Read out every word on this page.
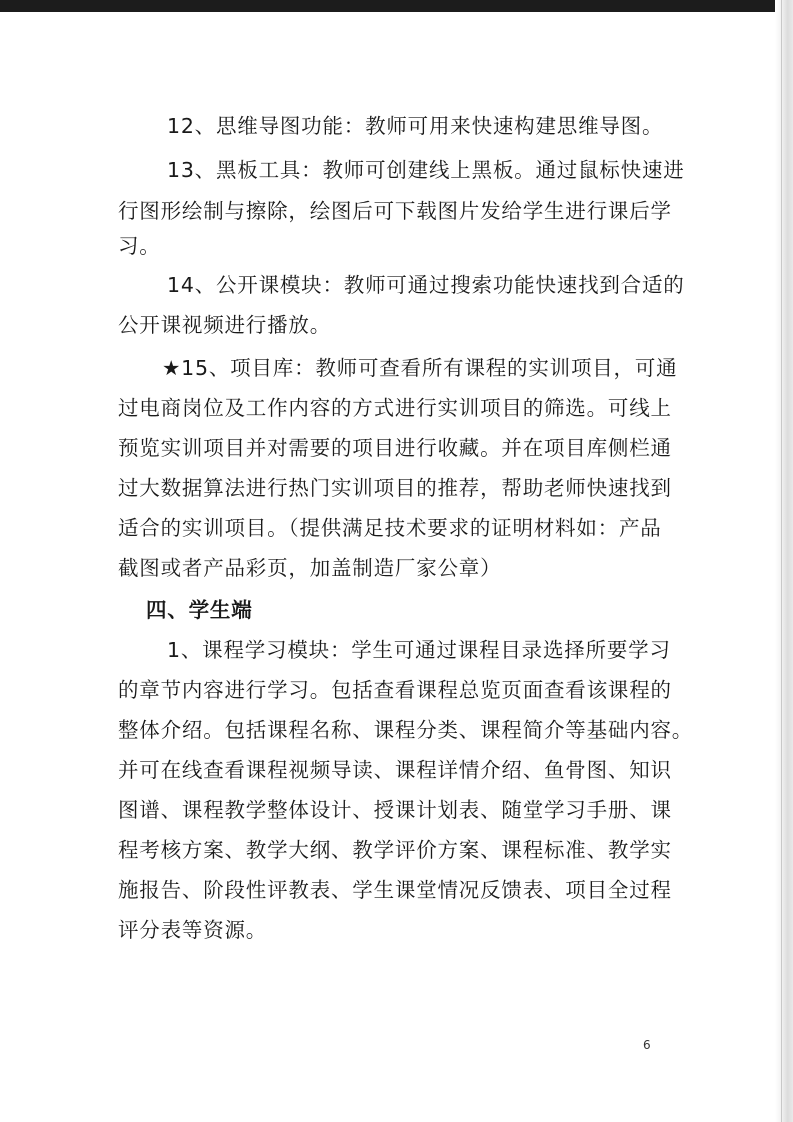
12、思维导图功能：教师可用来快速构建思维导图。
13、黑板工具：教师可创建线上黑板。通过鼠标快速进
行图形绘制与擦除，绘图后可下载图片发给学生进行课后学
习。
14、公开课模块：教师可通过搜索功能快速找到合适的
公开课视频进行播放。
★15、项目库：教师可查看所有课程的实训项目，可通
过电商岗位及工作内容的方式进行实训项目的筛选。可线上
预览实训项目并对需要的项目进行收藏。并在项目库侧栏通
过大数据算法进行热门实训项目的推荐，帮助老师快速找到
适合的实训项目。（提供满足技术要求的证明材料如：产品
截图或者产品彩页，加盖制造厂家公章）
四、学生端
1、课程学习模块：学生可通过课程目录选择所要学习
的章节内容进行学习。包括查看课程总览页面查看该课程的
整体介绍。包括课程名称、课程分类、课程简介等基础内容。
并可在线查看课程视频导读、课程详情介绍、鱼骨图、知识
图谱、课程教学整体设计、授课计划表、随堂学习手册、课
程考核方案、教学大纲、教学评价方案、课程标准、教学实
施报告、阶段性评教表、学生课堂情况反馈表、项目全过程
评分表等资源。
6
